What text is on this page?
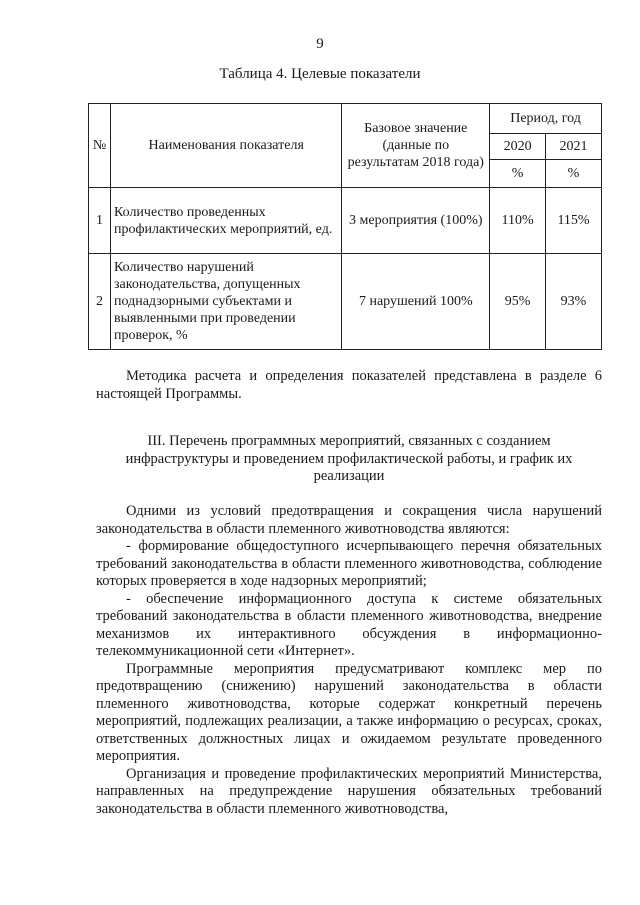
9
Таблица 4. Целевые показатели
№	Наименования показателя	Базовое значение (данные по результатам 2018 года)	Период, год	
			2020	2021
			%	%
1	Количество проведенных профилактических мероприятий, ед.	3 мероприятия (100%)	110%	115%
2	Количество нарушений законодательства, допущенных поднадзорными субъектами и выявленными при проведении проверок, %	7 нарушений 100%	95%	93%
Методика расчета и определения показателей представлена в разделе 6 настоящей Программы.
III. Перечень программных мероприятий, связанных с созданием инфраструктуры и проведением профилактической работы, и график их реализации

Одними из условий предотвращения и сокращения числа нарушений законодательства в области племенного животноводства являются:

- формирование общедоступного исчерпывающего перечня обязательных требований законодательства в области племенного животноводства, соблюдение которых проверяется в ходе надзорных мероприятий;

- обеспечение информационного доступа к системе обязательных требований законодательства в области племенного животноводства, внедрение механизмов их интерактивного обсуждения в информационно-телекоммуникационной сети «Интернет».

Программные мероприятия предусматривают комплекс мер по предотвращению (снижению) нарушений законодательства в области племенного животноводства, которые содержат конкретный перечень мероприятий, подлежащих реализации, а также информацию о ресурсах, сроках, ответственных должностных лицах и ожидаемом результате проведенного мероприятия.

Организация и проведение профилактических мероприятий Министерства, направленных на предупреждение нарушения обязательных требований законодательства в области племенного животноводства,
